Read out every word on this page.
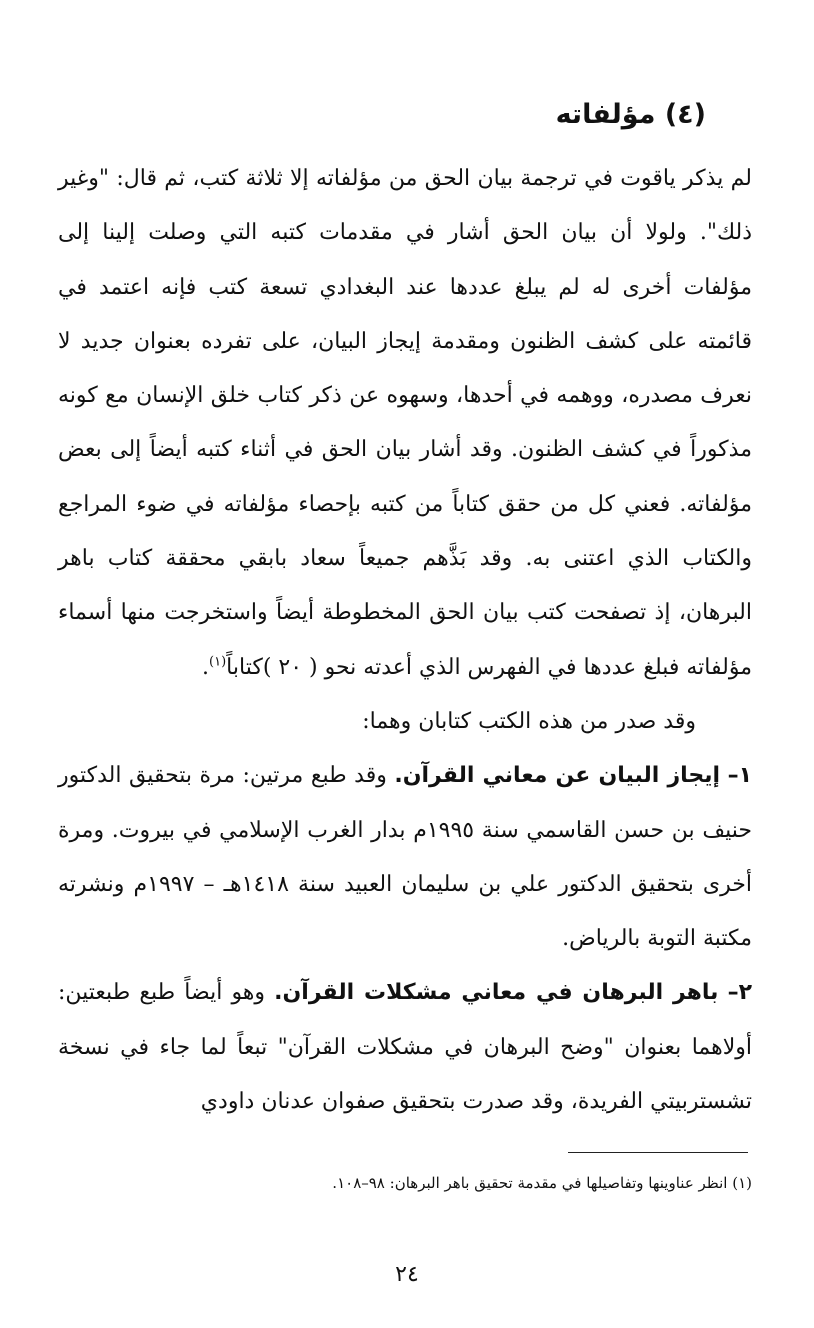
(٤) مؤلفاته

لم يذكر ياقوت في ترجمة بيان الحق من مؤلفاته إلا ثلاثة كتب، ثم قال: "وغير ذلك". ولولا أن بيان الحق أشار في مقدمات كتبه التي وصلت إلينا إلى مؤلفات أخرى له لم يبلغ عددها عند البغدادي تسعة كتب فإنه اعتمد في قائمته على كشف الظنون ومقدمة إيجاز البيان، على تفرده بعنوان جديد لا نعرف مصدره، ووهمه في أحدها، وسهوه عن ذكر كتاب خلق الإنسان مع كونه مذكوراً في كشف الظنون. وقد أشار بيان الحق في أثناء كتبه أيضاً إلى بعض مؤلفاته. فعني كل من حقق كتاباً من كتبه بإحصاء مؤلفاته في ضوء المراجع والكتاب الذي اعتنى به. وقد بَذَّهم جميعاً سعاد بابقي محققة كتاب باهر البرهان، إذ تصفحت كتب بيان الحق المخطوطة أيضاً واستخرجت منها أسماء مؤلفاته فبلغ عددها في الفهرس الذي أعدته نحو ( ٢٠ )كتاباً$^{(١)}$.

وقد صدر من هذه الكتب كتابان وهما:

١– إيجاز البيان عن معاني القرآن. وقد طبع مرتين: مرة بتحقيق الدكتور حنيف بن حسن القاسمي سنة ١٩٩٥م بدار الغرب الإسلامي في بيروت. ومرة أخرى بتحقيق الدكتور علي بن سليمان العبيد سنة ١٤١٨هـ – ١٩٩٧م ونشرته مكتبة التوبة بالرياض.

٢– باهر البرهان في معاني مشكلات القرآن. وهو أيضاً طبع طبعتين: أولاهما بعنوان "وضح البرهان في مشكلات القرآن" تبعاً لما جاء في نسخة تشستربيتي الفريدة، وقد صدرت بتحقيق صفوان عدنان داودي

(١) انظر عناوينها وتفاصيلها في مقدمة تحقيق باهر البرهان: ٩٨–١٠٨.
٢٤
